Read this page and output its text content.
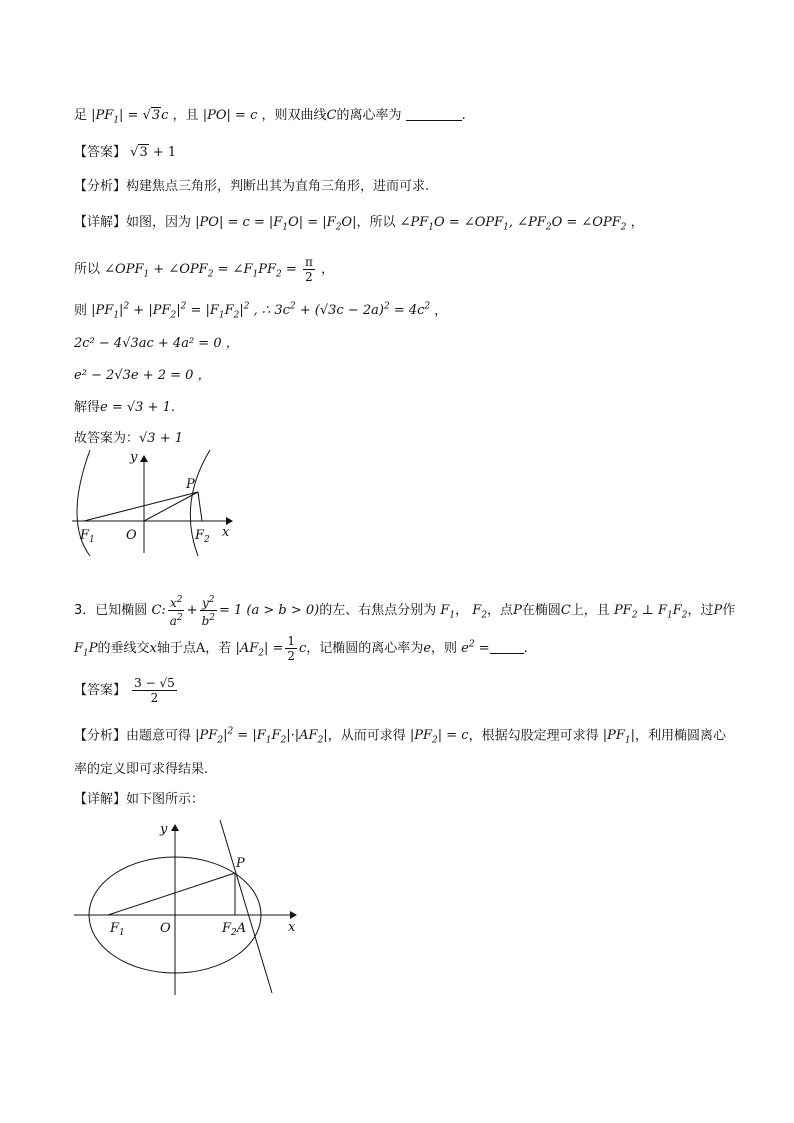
足 $|PF_1| = √3c$ ，且 |PO| = c ，则双曲线C的离心率为	.
【答案】 √3 + 1
【分析】构建焦点三角形，判断出其为直角三角形，进而可求.
【详解】如图，因为 $|PO| = c = |F_1O| = |F_2O|$，所以 $\angle PF_1O$ = $\angle OPF_1$, $\angle PF_2O$ = $\angle OPF_2$ ，
所以 $\angle OPF_1$ + $\angle OPF_2$ = $\angle F_1PF_2 = \frac{\pi}{2}$ ，
则 $|PF_1|^2 + |PF_2|^2 = |F_1F_2|^2$ , ∴ $3c^2 + (√3c - 2a)^2 = 4c^2$ ，
2c² − 4√3ac + 4a² = 0 ，
e² − 2√3e + 2 = 0 ，
解得e = √3 + 1.
故答案为：√3 + 1
y
x
P
$F_1$ O	$F_2$
3．已知椭圆 C: $\frac{x^2}{a^2} + \frac{y^2}{b^2} = 1$ (a > b > 0)的左、右焦点分别为 $F_1$， $F_2$，点P在椭圆C上，且 $PF_2$ ⊥ $F_1F_2$，过P作
$F_1P$的垂线交x轴于点A，若 $|AF_2| = \frac{1}{2}$ c，记椭圆的离心率为e，则 $e^2$ =	.
【答案】 $\frac{3 - √5}{2}$
【分析】由题意可得 $|PF_2|^2 = |F_1F_2|\cdot|AF_2|$，从而可求得 $|PF_2| = c$，根据勾股定理可求得 $|PF_1|$，利用椭圆离心
率的定义即可求得结果.
【详解】如下图所示：
y
x
P
$F_1$	O	$F_2A$
